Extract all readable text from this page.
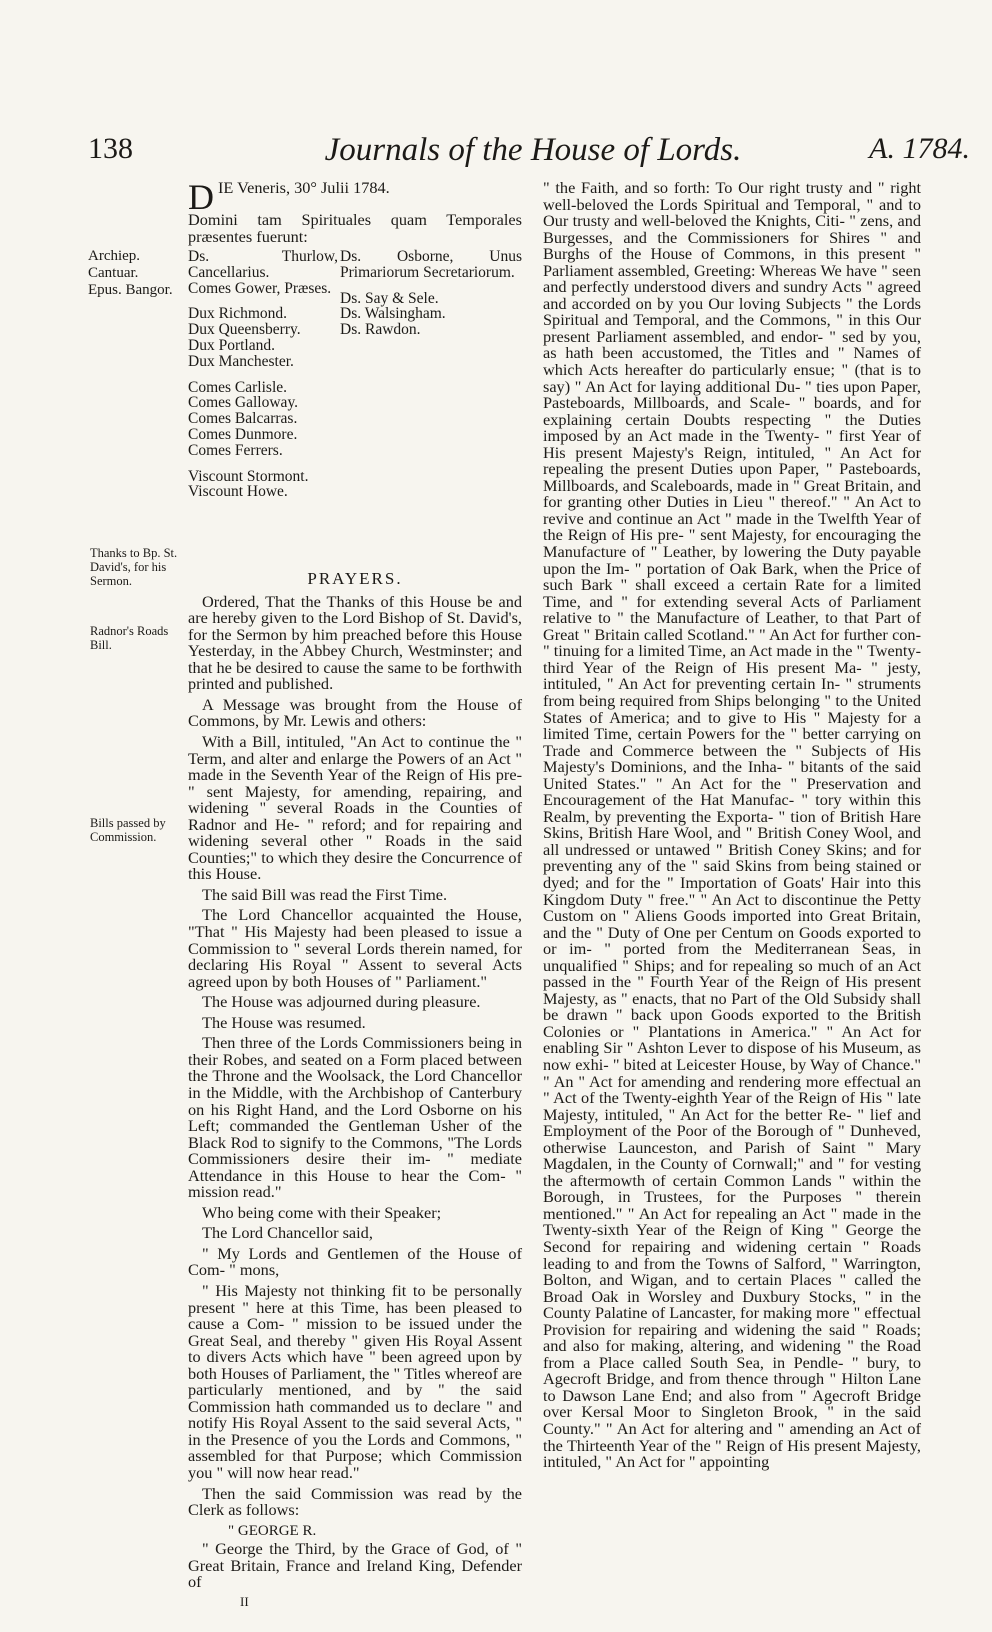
138	Journals of the House of Lords.	A. 1784.
Archiep. Cantuar.
Epus. Bangor.
Thanks to Bp. St. David's, for his Sermon.
Radnor's Roads Bill.
Bills passed by Commission.

D IE Veneris, 30° Julii 1784.

Domini tam Spirituales quam Temporales præsentes fuerunt:

Ds. Thurlow, Cancellarius.
Comes Gower, Præses.
Dux Richmond.
Dux Queensberry.
Dux Portland.
Dux Manchester.
Comes Carlisle.
Comes Galloway.
Comes Balcarras.
Comes Dunmore.
Comes Ferrers.
Viscount Stormont.
Viscount Howe.
Ds. Osborne, Unus Primariorum Secretariorum.
Ds. Say & Sele.
Ds. Walsingham.
Ds. Rawdon.
PRAYERS.

Ordered, That the Thanks of this House be and are hereby given to the Lord Bishop of St. David's, for the Sermon by him preached before this House Yesterday, in the Abbey Church, Westminster; and that he be desired to cause the same to be forthwith printed and published.

A Message was brought from the House of Commons, by Mr. Lewis and others:

With a Bill, intituled, "An Act to continue the " Term, and alter and enlarge the Powers of an Act " made in the Seventh Year of the Reign of His pre- " sent Majesty, for amending, repairing, and widening " several Roads in the Counties of Radnor and He- " reford; and for repairing and widening several other " Roads in the said Counties;" to which they desire the Concurrence of this House.

The said Bill was read the First Time.

The Lord Chancellor acquainted the House, "That " His Majesty had been pleased to issue a Commission to " several Lords therein named, for declaring His Royal " Assent to several Acts agreed upon by both Houses of " Parliament."

The House was adjourned during pleasure.

The House was resumed.

Then three of the Lords Commissioners being in their Robes, and seated on a Form placed between the Throne and the Woolsack, the Lord Chancellor in the Middle, with the Archbishop of Canterbury on his Right Hand, and the Lord Osborne on his Left; commanded the Gentleman Usher of the Black Rod to signify to the Commons, "The Lords Commissioners desire their im- " mediate Attendance in this House to hear the Com- " mission read."

Who being come with their Speaker;

The Lord Chancellor said,

" My Lords and Gentlemen of the House of Com- " mons,

" His Majesty not thinking fit to be personally present " here at this Time, has been pleased to cause a Com- " mission to be issued under the Great Seal, and thereby " given His Royal Assent to divers Acts which have " been agreed upon by both Houses of Parliament, the " Titles whereof are particularly mentioned, and by " the said Commission hath commanded us to declare " and notify His Royal Assent to the said several Acts, " in the Presence of you the Lords and Commons, " assembled for that Purpose; which Commission you " will now hear read."

Then the said Commission was read by the Clerk as follows:

" GEORGE R.

" George the Third, by the Grace of God, of " Great Britain, France and Ireland King, Defender of

" the Faith, and so forth: To Our right trusty and " right well-beloved the Lords Spiritual and Temporal, " and to Our trusty and well-beloved the Knights, Citi- " zens, and Burgesses, and the Commissioners for Shires " and Burghs of the House of Commons, in this present " Parliament assembled, Greeting: Whereas We have " seen and perfectly understood divers and sundry Acts " agreed and accorded on by you Our loving Subjects " the Lords Spiritual and Temporal, and the Commons, " in this Our present Parliament assembled, and endor- " sed by you, as hath been accustomed, the Titles and " Names of which Acts hereafter do particularly ensue; " (that is to say) " An Act for laying additional Du- " ties upon Paper, Pasteboards, Millboards, and Scale- " boards, and for explaining certain Doubts respecting " the Duties imposed by an Act made in the Twenty- " first Year of His present Majesty's Reign, intituled, " An Act for repealing the present Duties upon Paper, " Pasteboards, Millboards, and Scaleboards, made in " Great Britain, and for granting other Duties in Lieu " thereof." " An Act to revive and continue an Act " made in the Twelfth Year of the Reign of His pre- " sent Majesty, for encouraging the Manufacture of " Leather, by lowering the Duty payable upon the Im- " portation of Oak Bark, when the Price of such Bark " shall exceed a certain Rate for a limited Time, and " for extending several Acts of Parliament relative to " the Manufacture of Leather, to that Part of Great " Britain called Scotland." " An Act for further con- " tinuing for a limited Time, an Act made in the " Twenty-third Year of the Reign of His present Ma- " jesty, intituled, " An Act for preventing certain In- " struments from being required from Ships belonging " to the United States of America; and to give to His " Majesty for a limited Time, certain Powers for the " better carrying on Trade and Commerce between the " Subjects of His Majesty's Dominions, and the Inha- " bitants of the said United States." " An Act for the " Preservation and Encouragement of the Hat Manufac- " tory within this Realm, by preventing the Exporta- " tion of British Hare Skins, British Hare Wool, and " British Coney Wool, and all undressed or untawed " British Coney Skins; and for preventing any of the " said Skins from being stained or dyed; and for the " Importation of Goats' Hair into this Kingdom Duty " free." " An Act to discontinue the Petty Custom on " Aliens Goods imported into Great Britain, and the " Duty of One per Centum on Goods exported to or im- " ported from the Mediterranean Seas, in unqualified " Ships; and for repealing so much of an Act passed in the " Fourth Year of the Reign of His present Majesty, as " enacts, that no Part of the Old Subsidy shall be drawn " back upon Goods exported to the British Colonies or " Plantations in America." " An Act for enabling Sir " Ashton Lever to dispose of his Museum, as now exhi- " bited at Leicester House, by Way of Chance." " An " Act for amending and rendering more effectual an " Act of the Twenty-eighth Year of the Reign of His " late Majesty, intituled, " An Act for the better Re- " lief and Employment of the Poor of the Borough of " Dunheved, otherwise Launceston, and Parish of Saint " Mary Magdalen, in the County of Cornwall;" and " for vesting the aftermowth of certain Common Lands " within the Borough, in Trustees, for the Purposes " therein mentioned." " An Act for repealing an Act " made in the Twenty-sixth Year of the Reign of King " George the Second for repairing and widening certain " Roads leading to and from the Towns of Salford, " Warrington, Bolton, and Wigan, and to certain Places " called the Broad Oak in Worsley and Duxbury Stocks, " in the County Palatine of Lancaster, for making more " effectual Provision for repairing and widening the said " Roads; and also for making, altering, and widening " the Road from a Place called South Sea, in Pendle- " bury, to Agecroft Bridge, and from thence through " Hilton Lane to Dawson Lane End; and also from " Agecroft Bridge over Kersal Moor to Singleton Brook, " in the said County." " An Act for altering and " amending an Act of the Thirteenth Year of the " Reign of His present Majesty, intituled, " An Act for " appointing

II
